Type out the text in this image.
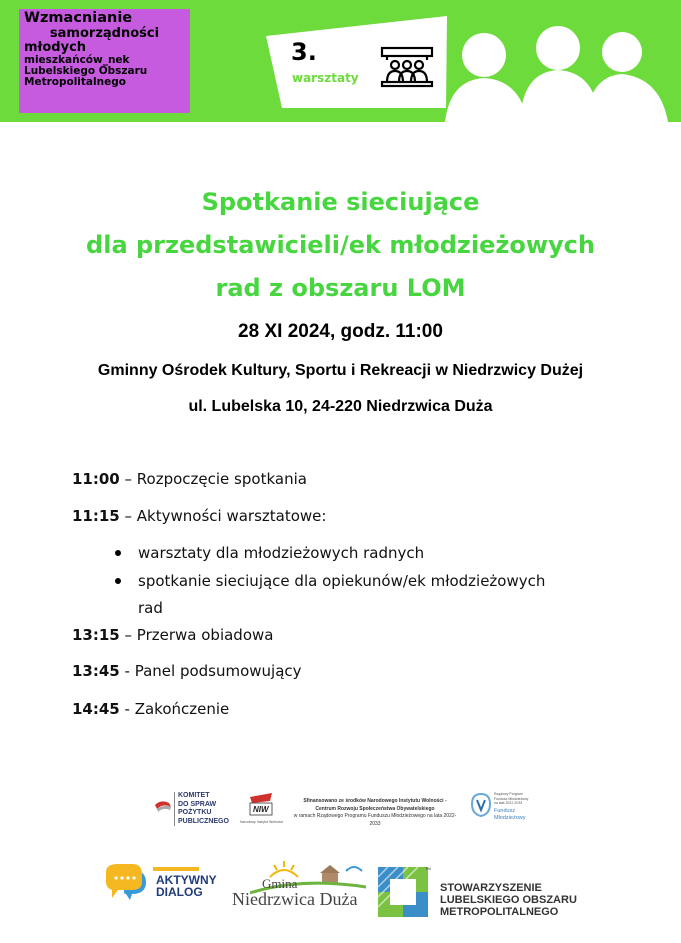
Wzmacnianie
samorządności
młodych
mieszkańców_nek
Lubelskiego Obszaru
Metropolitalnego
3.
warsztaty
Spotkanie sieciujące
dla przedstawicieli/ek młodzieżowych
rad z obszaru LOM
28 XI 2024, godz. 11:00
Gminny Ośrodek Kultury, Sportu i Rekreacji w Niedrzwicy Dużej
ul. Lubelska 10, 24-220 Niedrzwica Duża
11:00 – Rozpoczęcie spotkania
11:15 – Aktywności warsztatowe:
warsztaty dla młodzieżowych radnych
spotkanie sieciujące dla opiekunów/ek młodzieżowych
rad
13:15 – Przerwa obiadowa
13:45 - Panel podsumowujący
14:45 - Zakończenie
KOMITET
DO SPRAW
POŻYTKU
PUBLICZNEGO
NIW
Narodowy Instytut Wolności
Sfinansowano ze środków Narodowego Instytutu Wolności -
Centrum Rozwoju Społeczeństwa Obywatelskiego
w ramach Rządowego Programu Funduszu Młodzieżowego na lata 2022-2033
Rządowy Program
Fundusz Młodzieżowy
na lata 2022-2033
Fundusz
Młodzieżowy
AKTYWNY
DIALOG
Gmina
Niedrzwica Duża
TM
STOWARZYSZENIE
LUBELSKIEGO OBSZARU
METROPOLITALNEGO
